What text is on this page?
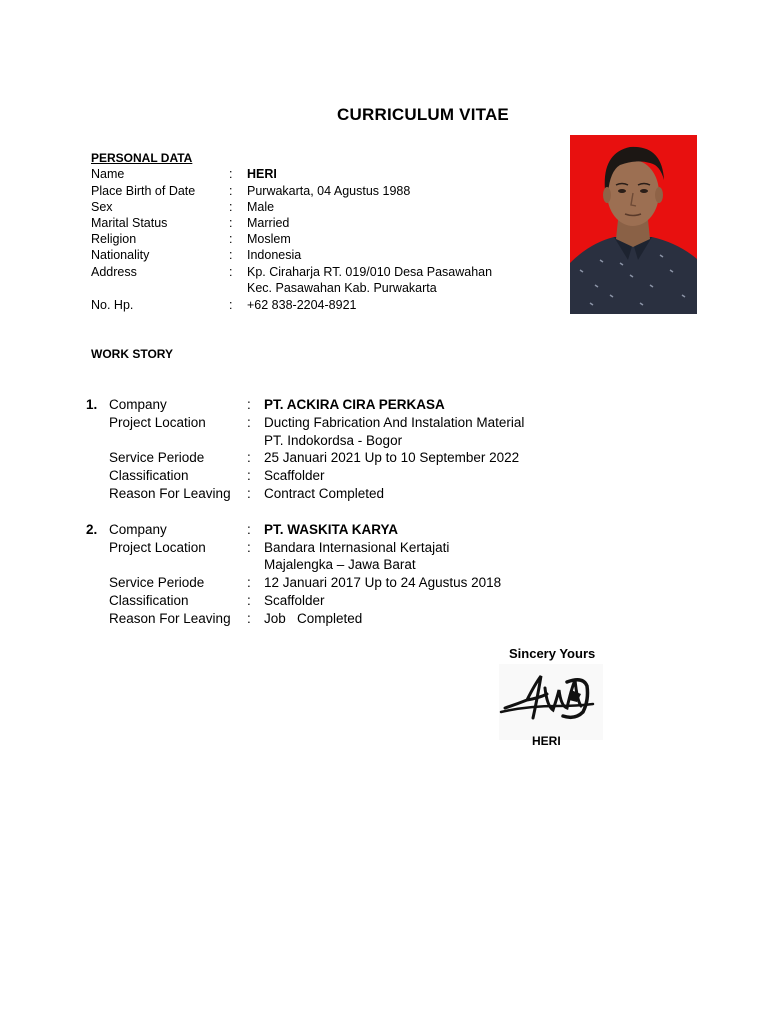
CURRICULUM VITAE
PERSONAL DATA
Name	: HERI
Place Birth of Date	: Purwakarta, 04 Agustus 1988
Sex	: Male
Marital Status	: Married
Religion	: Moslem
Nationality	: Indonesia
Address	: Kp. Ciraharja RT. 019/010 Desa Pasawahan
Kec. Pasawahan Kab. Purwakarta
No. Hp.	: +62 838-2204-8921
WORK STORY
1. Company	: PT. ACKIRA CIRA PERKASA
Project Location	: Ducting Fabrication And Instalation Material
PT. Indokordsa - Bogor
Service Periode	: 25 Januari 2021 Up to 10 September 2022
Classification	: Scaffolder
Reason For Leaving : Contract Completed
2. Company	: PT. WASKITA KARYA
Project Location	: Bandara Internasional Kertajati
Majalengka – Jawa Barat
Service Periode	: 12 Januari 2017 Up to 24 Agustus 2018
Classification	: Scaffolder
Reason For Leaving : Job   Completed
Sincery Yours
HERI
